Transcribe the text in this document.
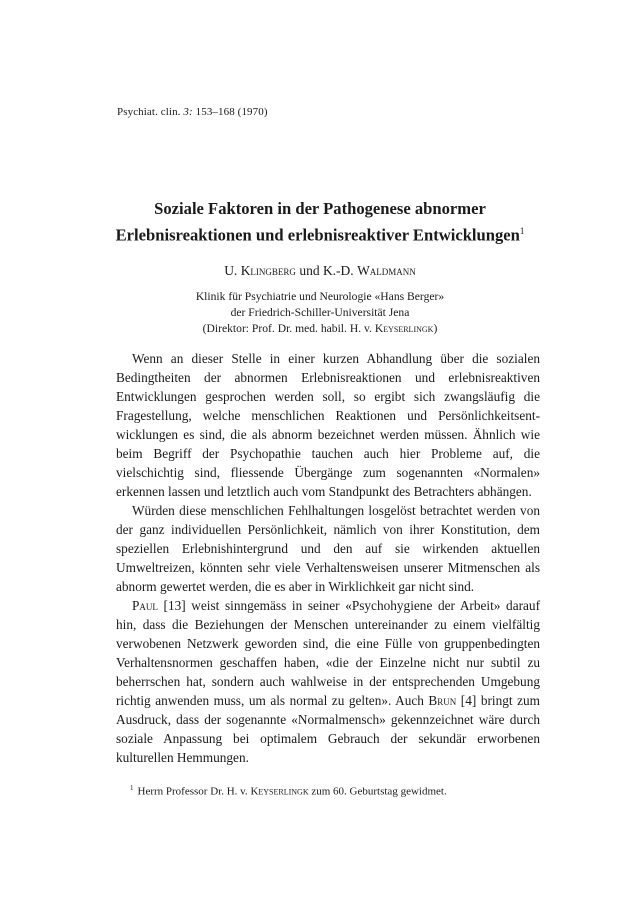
Psychiat. clin. 3: 153–168 (1970)
Soziale Faktoren in der Pathogenese abnormer
Erlebnisreaktionen und erlebnisreaktiver Entwicklungen$^1$
U. Klingberg und K.-D. Waldmann
Klinik für Psychiatrie und Neurologie «Hans Berger»
der Friedrich-Schiller-Universität Jena
(Direktor: Prof. Dr. med. habil. H. v. Keyserlingk)

Wenn an dieser Stelle in einer kurzen Abhandlung über die sozialen Bedingtheiten der abnormen Erlebnisreaktionen und erlebnisreaktiven Entwicklungen gesprochen werden soll, so ergibt sich zwangsläufig die Fragestellung, welche menschlichen Reaktionen und Persönlichkeitsentwicklungen es sind, die als abnorm bezeichnet werden müssen. Ähnlich wie beim Begriff der Psychopathie tauchen auch hier Probleme auf, die vielschichtig sind, fliessende Übergänge zum sogenannten «Normalen» erkennen lassen und letztlich auch vom Standpunkt des Betrachters abhängen.

Würden diese menschlichen Fehlhaltungen losgelöst betrachtet werden von der ganz individuellen Persönlichkeit, nämlich von ihrer Konstitution, dem speziellen Erlebnishintergrund und den auf sie wirkenden aktuellen Umweltreizen, könnten sehr viele Verhaltensweisen unserer Mitmenschen als abnorm gewertet werden, die es aber in Wirklichkeit gar nicht sind.

Paul [13] weist sinngemäss in seiner «Psychohygiene der Arbeit» darauf hin, dass die Beziehungen der Menschen untereinander zu einem vielfältig verwobenen Netzwerk geworden sind, die eine Fülle von gruppenbedingten Verhaltensnormen geschaffen haben, «die der Einzelne nicht nur subtil zu beherrschen hat, sondern auch wahlweise in der entsprechenden Umgebung richtig anwenden muss, um als normal zu gelten». Auch Brun [4] bringt zum Ausdruck, dass der sogenannte «Normalmensch» gekennzeichnet wäre durch soziale Anpassung bei optimalem Gebrauch der sekundär erworbenen kulturellen Hemmungen.

$^1$ Herrn Professor Dr. H. v. Keyserlingk zum 60. Geburtstag gewidmet.
